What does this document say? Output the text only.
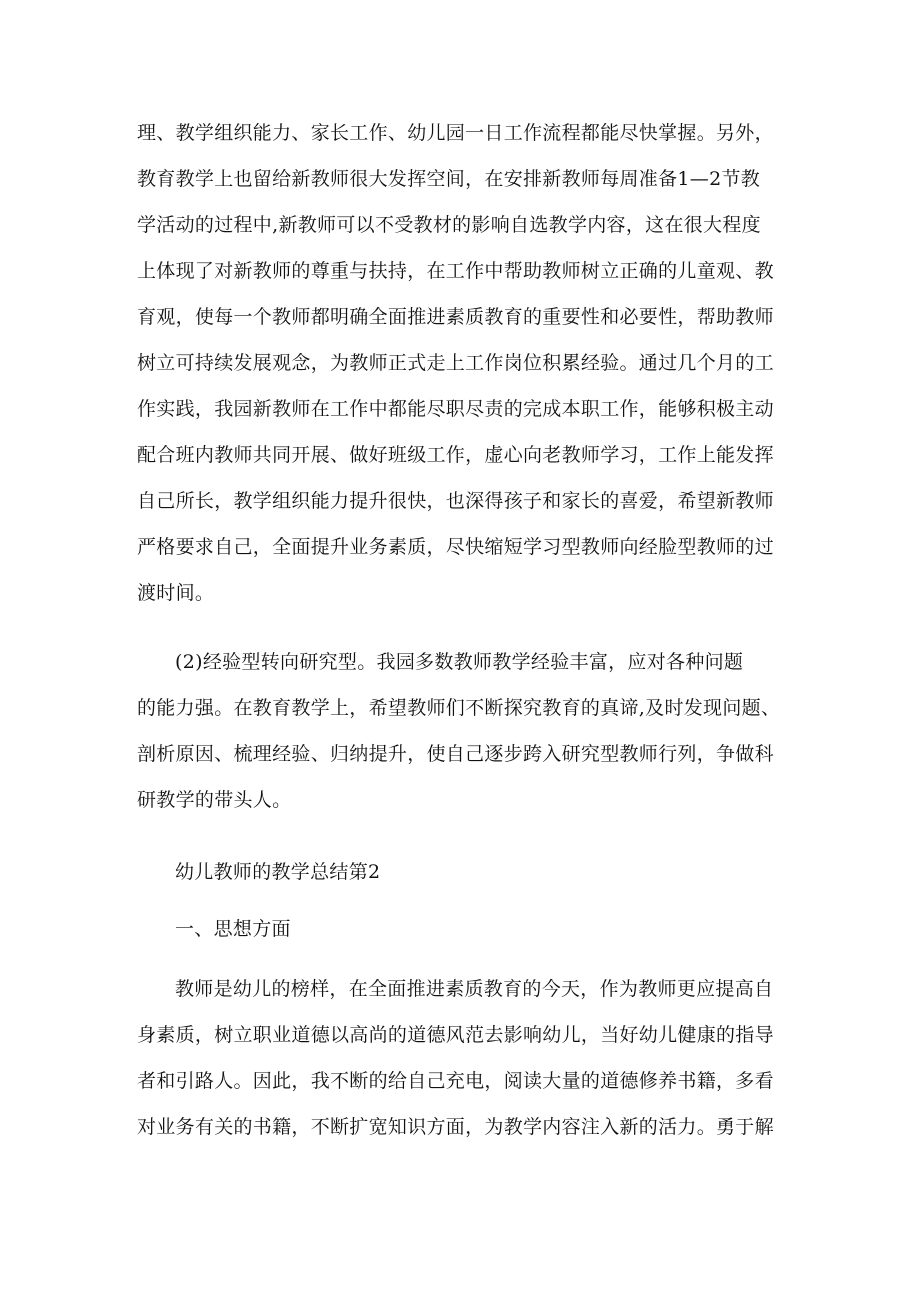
理、教学组织能力、家长工作、幼儿园一日工作流程都能尽快掌握。另外，
教育教学上也留给新教师很大发挥空间，在安排新教师每周准备1—2节教
学活动的过程中,新教师可以不受教材的影响自选教学内容，这在很大程度
上体现了对新教师的尊重与扶持，在工作中帮助教师树立正确的儿童观、教
育观，使每一个教师都明确全面推进素质教育的重要性和必要性，帮助教师
树立可持续发展观念，为教师正式走上工作岗位积累经验。通过几个月的工
作实践，我园新教师在工作中都能尽职尽责的完成本职工作，能够积极主动
配合班内教师共同开展、做好班级工作，虚心向老教师学习，工作上能发挥
自己所长，教学组织能力提升很快，也深得孩子和家长的喜爱，希望新教师
严格要求自己，全面提升业务素质，尽快缩短学习型教师向经脸型教师的过
渡时间。
(2)经验型转向研究型。我园多数教师教学经验丰富，应对各种问题
的能力强。在教育教学上，希望教师们不断探究教育的真谛,及时发现问题、
剖析原因、梳理经验、归纳提升，使自己逐步跨入研究型教师行列，争做科
研教学的带头人。
幼儿教师的教学总结第2
一、思想方面
教师是幼儿的榜样，在全面推进素质教育的今天，作为教师更应提高自
身素质，树立职业道德以高尚的道德风范去影响幼儿，当好幼儿健康的指导
者和引路人。因此，我不断的给自己充电，阅读大量的道德修养书籍，多看
对业务有关的书籍，不断扩宽知识方面，为教学内容注入新的活力。勇于解
